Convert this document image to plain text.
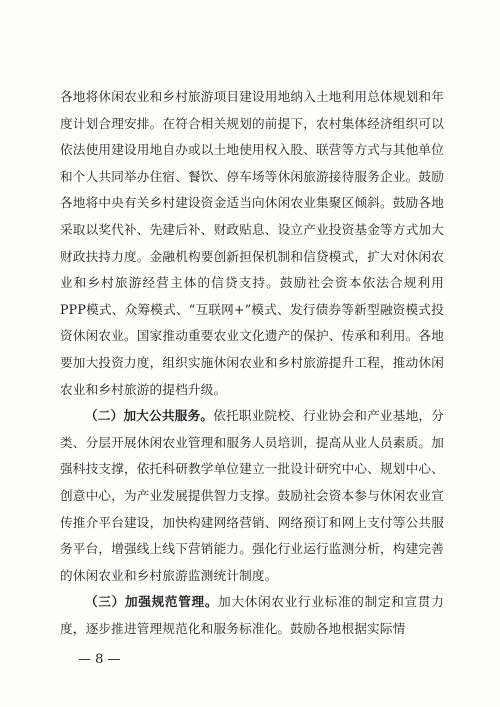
各地将休闲农业和乡村旅游项目建设用地纳入土地利用总体规划和年度计划合理安排。在符合相关规划的前提下，农村集体经济组织可以依法使用建设用地自办或以土地使用权入股、联营等方式与其他单位和个人共同举办住宿、餐饮、停车场等休闲旅游接待服务企业。鼓励各地将中央有关乡村建设资金适当向休闲农业集聚区倾斜。鼓励各地采取以奖代补、先建后补、财政贴息、设立产业投资基金等方式加大财政扶持力度。金融机构要创新担保机制和信贷模式，扩大对休闲农业和乡村旅游经营主体的信贷支持。鼓励社会资本依法合规利用PPP模式、众筹模式、“互联网+”模式、发行债券等新型融资模式投资休闲农业。国家推动重要农业文化遗产的保护、传承和利用。各地要加大投资力度，组织实施休闲农业和乡村旅游提升工程，推动休闲农业和乡村旅游的提档升级。

（二）加大公共服务。依托职业院校、行业协会和产业基地，分类、分层开展休闲农业管理和服务人员培训，提高从业人员素质。加强科技支撑，依托科研教学单位建立一批设计研究中心、规划中心、创意中心，为产业发展提供智力支撑。鼓励社会资本参与休闲农业宣传推介平台建设，加快构建网络营销、网络预订和网上支付等公共服务平台，增强线上线下营销能力。强化行业运行监测分析，构建完善的休闲农业和乡村旅游监测统计制度。

（三）加强规范管理。加大休闲农业行业标准的制定和宣贯力度，逐步推进管理规范化和服务标准化。鼓励各地根据实际情

— 8 —
